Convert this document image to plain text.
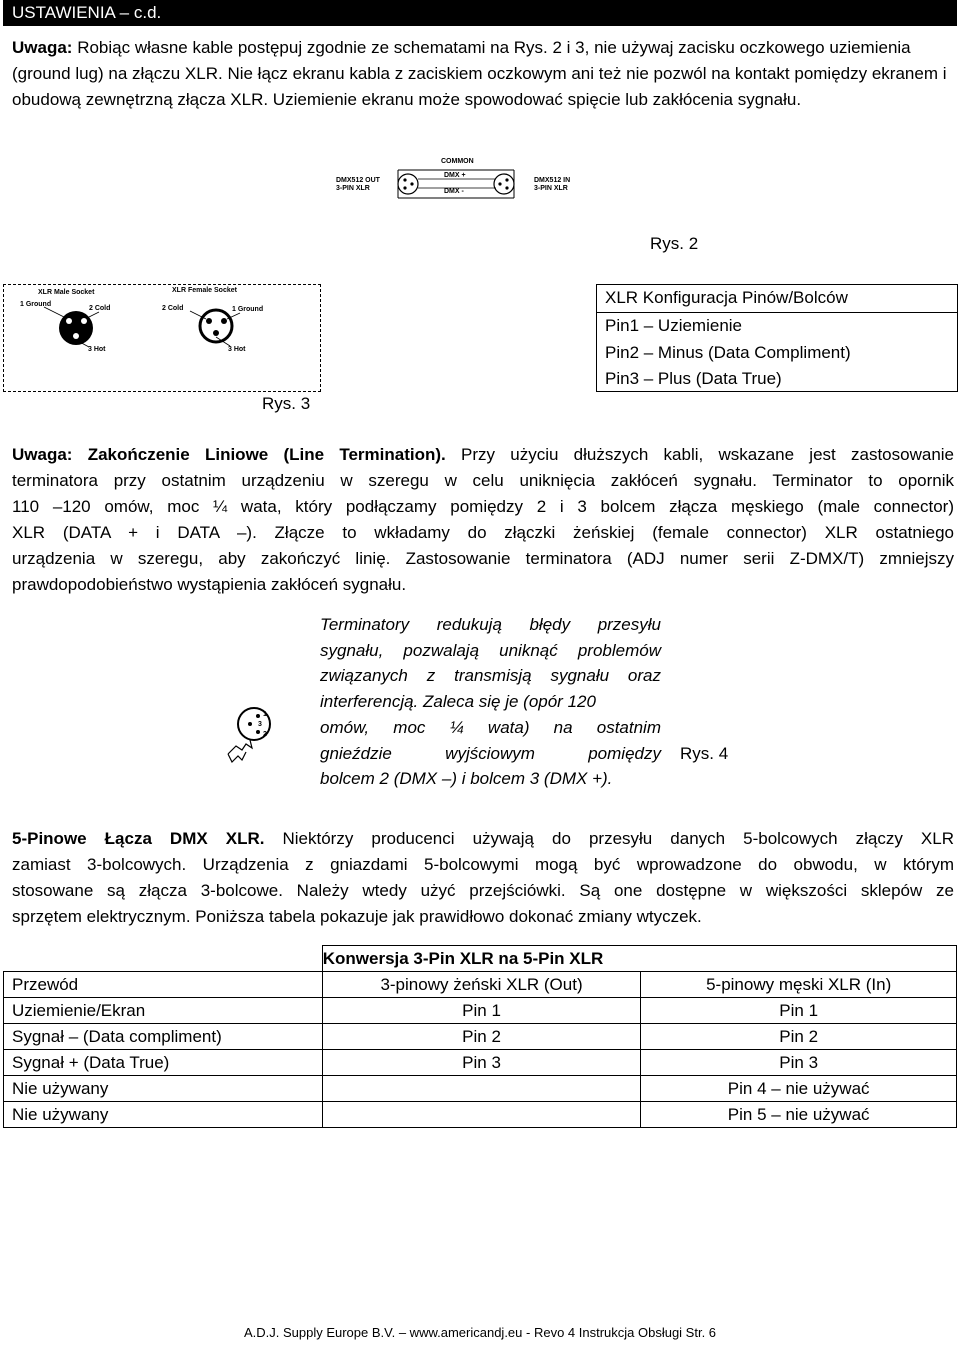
USTAWIENIA – c.d.
Uwaga: Robiąc własne kable postępuj zgodnie ze schematami na Rys. 2 i 3, nie używaj zacisku oczkowego uziemienia (ground lug) na złączu XLR. Nie łącz ekranu kabla z zaciskiem oczkowym ani też nie pozwól na kontakt pomiędzy ekranem i obudową zewnętrzną złącza XLR. Uziemienie ekranu może spowodować spięcie lub zakłócenia sygnału.
COMMON
DMX +
DMX -
DMX512 OUT
3-PIN XLR
DMX512 IN
3-PIN XLR
Rys. 2
XLR Male Socket	XLR Female Socket
1 Ground
2 Cold
3 Hot
2 Cold	1 Ground
3 Hot
Rys. 3
XLR Konfiguracja Pinów/Bolców
Pin1 – Uziemienie
Pin2 – Minus (Data Compliment)
Pin3 – Plus (Data True)
Uwaga: Zakończenie Liniowe (Line Termination). Przy użyciu dłuższych kabli, wskazane jest zastosowanie
terminatora przy ostatnim urządzeniu w szeregu w celu uniknięcia zakłóceń sygnału. Terminator to opornik
110 –120 omów, moc ¼ wata, który podłączamy pomiędzy 2 i 3 bolcem złącza męskiego (male connector)
XLR (DATA + i DATA –). Złącze to wkładamy do złączki żeńskiej (female connector) XLR ostatniego
urządzenia w szeregu, aby zakończyć linię. Zastosowanie terminatora (ADJ numer serii Z-DMX/T) zmniejszy
prawdopodobieństwo wystąpienia zakłóceń sygnału.
1
3
2
Terminatory redukują błędy przesyłu
sygnału, pozwalają uniknąć problemów
związanych z transmisją sygnału oraz
interferencją. Zaleca się je (opór 120
omów, moc ¼ wata) na ostatnim
gnieździe wyjściowym pomiędzy
bolcem 2 (DMX –) i bolcem 3 (DMX +).
Rys. 4
5-Pinowe Łącza DMX XLR. Niektórzy producenci używają do przesyłu danych 5-bolcowych złączy XLR
zamiast 3-bolcowych. Urządzenia z gniazdami 5-bolcowymi mogą być wprowadzone do obwodu, w którym
stosowane są złącza 3-bolcowe. Należy wtedy użyć przejściówki. Są one dostępne w większości sklepów ze
sprzętem elektrycznym. Poniższa tabela pokazuje jak prawidłowo dokonać zmiany wtyczek.
	Konwersja 3-Pin XLR na 5-Pin XLR	
Przewód	3-pinowy żeński XLR (Out)	5-pinowy męski XLR (In)
Uziemienie/Ekran	Pin 1	Pin 1
Sygnał – (Data compliment)	Pin 2	Pin 2
Sygnał + (Data True)	Pin 3	Pin 3
Nie używany		Pin 4 – nie używać
Nie używany		Pin 5 – nie używać
A.D.J. Supply Europe B.V. – www.americandj.eu - Revo 4 Instrukcja Obsługi Str. 6
